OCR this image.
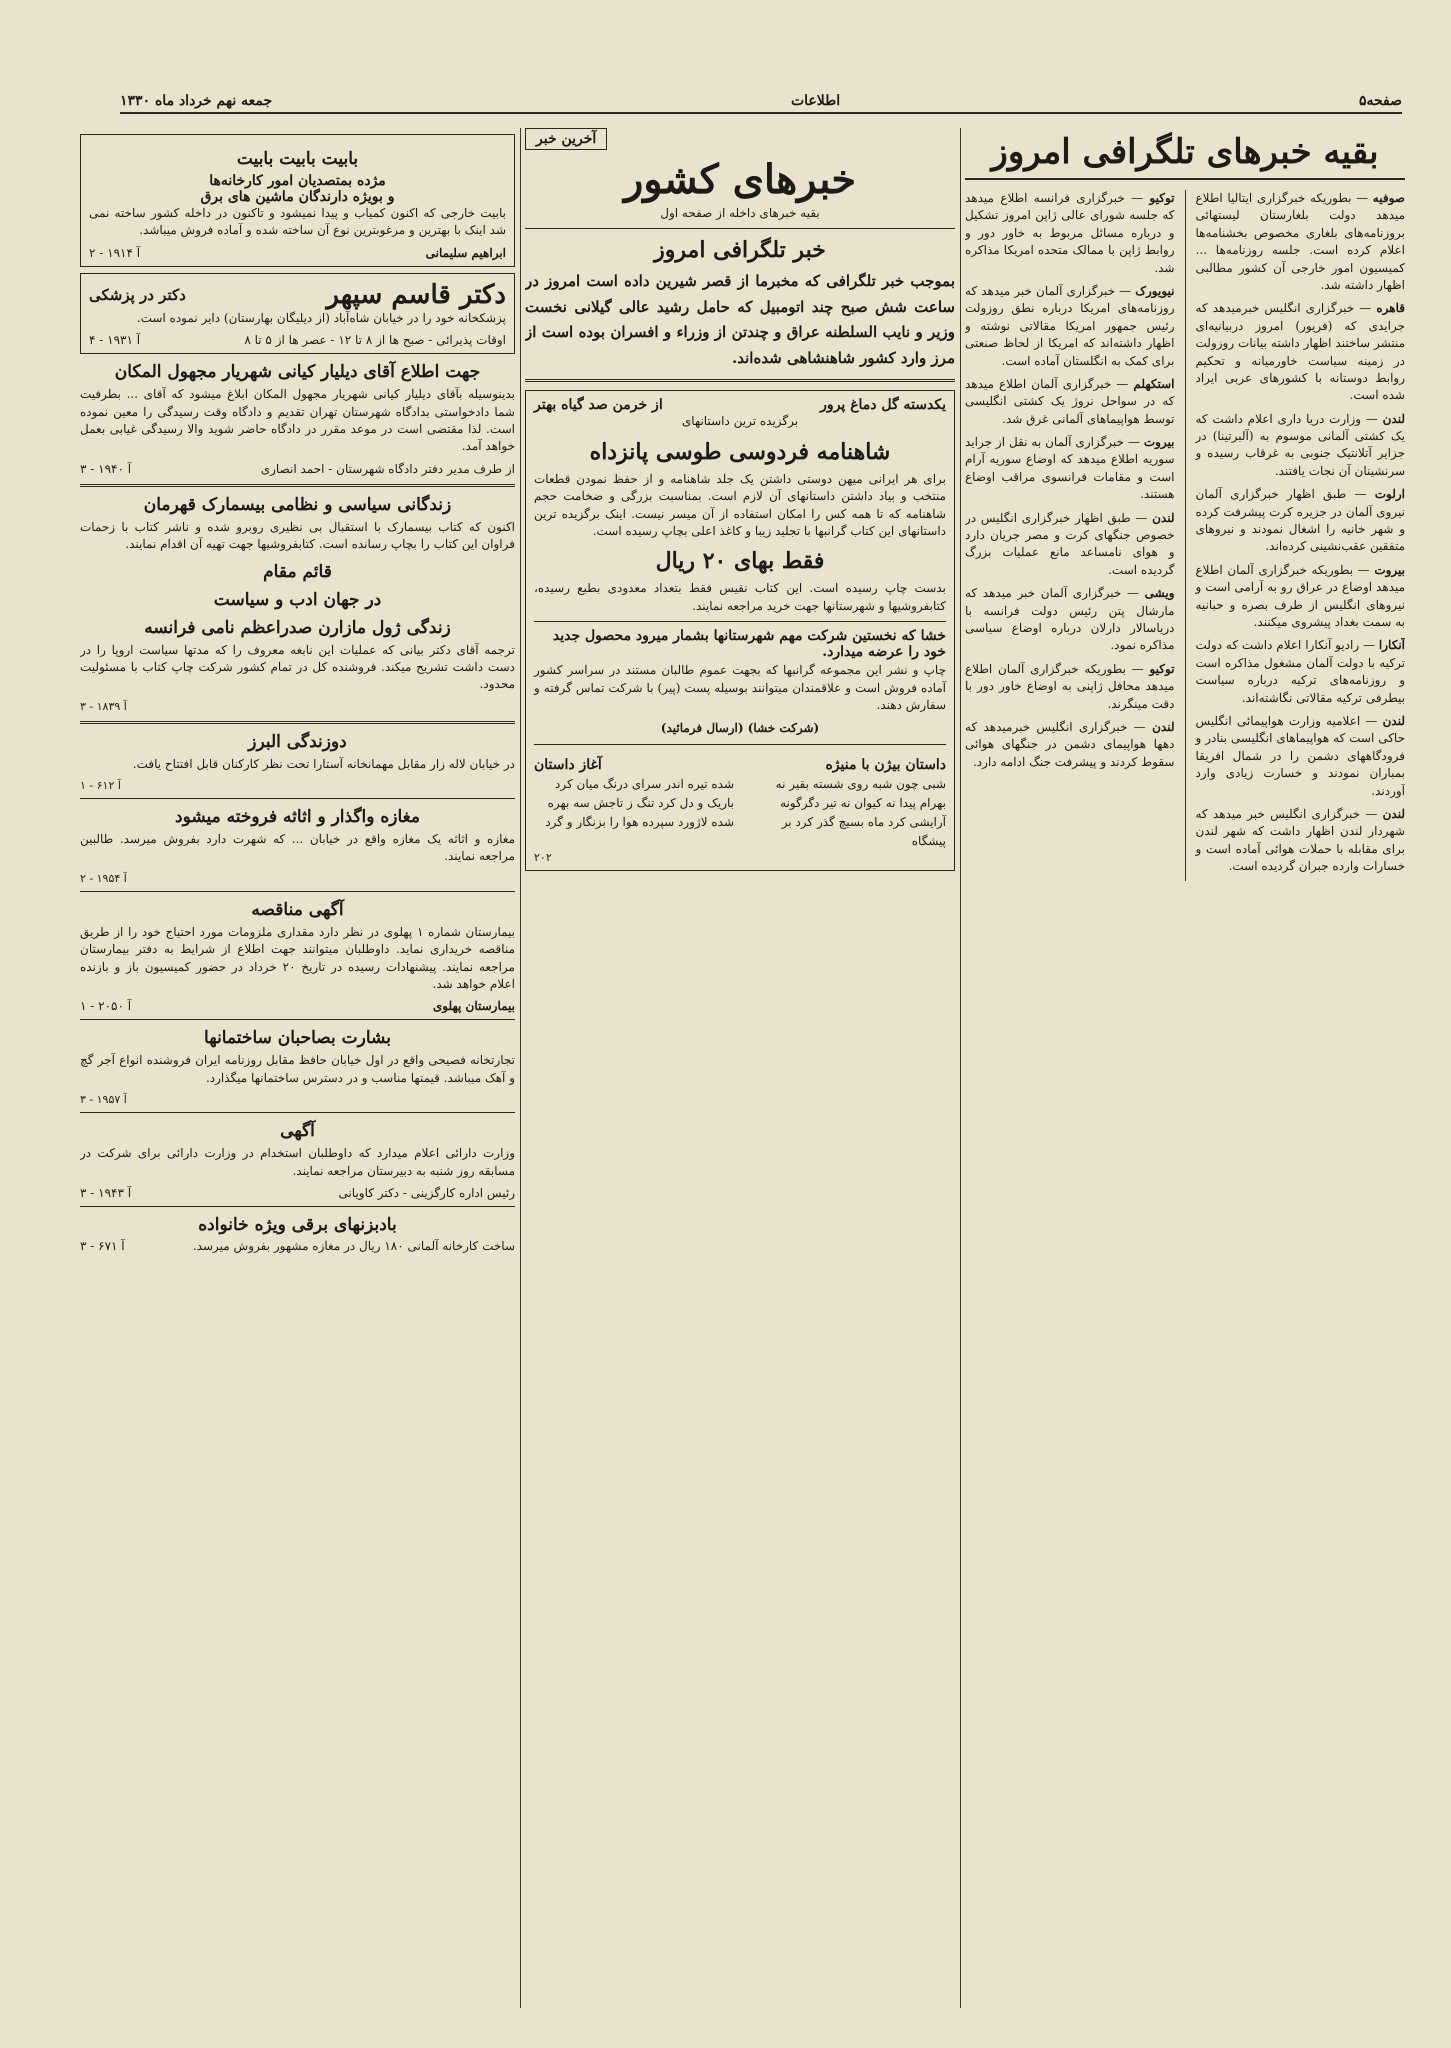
صفحه۵
اطلاعات
جمعه نهم خرداد ماه ۱۳۳۰
بقیه خبرهای تلگرافی امروز

صوفیه — بطوریکه خبرگزاری ایتالیا اطلاع میدهد دولت بلغارستان لیستهائی بروزنامه‌های بلغاری مخصوص بخشنامه‌ها اعلام کرده است. جلسه روزنامه‌ها ... کمیسیون امور خارجی آن کشور مطالبی اظهار داشته شد.

قاهره — خبرگزاری انگلیس خبرمیدهد که جرایدی که (فریور) امروز دربیانیه‌ای منتشر ساختند اظهار داشته بیانات روزولت در زمینه سیاست خاورمیانه و تحکیم روابط دوستانه با کشورهای عربی ایراد شده است.

لندن — وزارت دریا داری اعلام داشت که یک کشتی آلمانی موسوم به (آلبرتینا) در جزایر آتلانتیک جنوبی به غرقاب رسیده و سرنشینان آن نجات یافتند.

ارلوت — طبق اظهار خبرگزاری آلمان نیروی آلمان در جزیره کرت پیشرفت کرده و شهر خانیه را اشغال نمودند و نیروهای متفقین عقب‌نشینی کرده‌اند.

بیروت — بطوریکه خبرگزاری آلمان اطلاع میدهد اوضاع در عراق رو به آرامی است و نیروهای انگلیس از طرف بصره و حبانیه به سمت بغداد پیشروی میکنند.

آنکارا — رادیو آنکارا اعلام داشت که دولت ترکیه با دولت آلمان مشغول مذاکره است و روزنامه‌های ترکیه درباره سیاست بیطرفی ترکیه مقالاتی نگاشته‌اند.

لندن — اعلامیه وزارت هواپیمائی انگلیس حاکی است که هواپیماهای انگلیسی بنادر و فرودگاههای دشمن را در شمال افریقا بمباران نمودند و خسارت زیادی وارد آوردند.

لندن — خبرگزاری انگلیس خبر میدهد که شهردار لندن اظهار داشت که شهر لندن برای مقابله با حملات هوائی آماده است و خسارات وارده جبران گردیده است.

توکیو — خبرگزاری فرانسه اطلاع میدهد که جلسه شورای عالی ژاپن امروز تشکیل و درباره مسائل مربوط به خاور دور و روابط ژاپن با ممالک متحده امریکا مذاکره شد.

نیویورک — خبرگزاری آلمان خبر میدهد که روزنامه‌های امریکا درباره نطق روزولت رئیس جمهور امریکا مقالاتی نوشته و اظهار داشته‌اند که امریکا از لحاظ صنعتی برای کمک به انگلستان آماده است.

استکهلم — خبرگزاری آلمان اطلاع میدهد که در سواحل نروژ یک کشتی انگلیسی توسط هواپیماهای آلمانی غرق شد.

بیروت — خبرگزاری آلمان به نقل از جراید سوریه اطلاع میدهد که اوضاع سوریه آرام است و مقامات فرانسوی مراقب اوضاع هستند.

لندن — طبق اظهار خبرگزاری انگلیس در خصوص جنگهای کرت و مصر جریان دارد و هوای نامساعد مانع عملیات بزرگ گردیده است.

ویشی — خبرگزاری آلمان خبر میدهد که مارشال پتن رئیس دولت فرانسه با دریاسالار دارلان درباره اوضاع سیاسی مذاکره نمود.

توکیو — بطوریکه خبرگزاری آلمان اطلاع میدهد محافل ژاپنی به اوضاع خاور دور با دقت مینگرند.

لندن — خبرگزاری انگلیس خبرمیدهد که دهها هواپیمای دشمن در جنگهای هوائی سقوط کردند و پیشرفت جنگ ادامه دارد.

آخرین خبر
خبرهای کشور
بقیه خبرهای داخله از صفحه اول
خبر تلگرافی امروز

بموجب خبر تلگرافی که مخبرما از قصر شیرین داده است امروز در ساعت شش صبح چند اتومبیل که حامل رشید عالی گیلانی نخست وزیر و نایب السلطنه عراق و چندتن از وزراء و افسران بوده است از مرز وارد کشور شاهنشاهی شده‌اند.

یکدسته گل دماغ پرور
از خرمن صد گیاه بهتر
برگزیده ترین داستانهای
شاهنامه فردوسی طوسی پانزداه

برای هر ایرانی میهن دوستی داشتن یک جلد شاهنامه و از حفظ نمودن قطعات منتخب و بیاد داشتن داستانهای آن لازم است. بمناسبت بزرگی و ضخامت حجم شاهنامه که تا همه کس را امکان استفاده از آن میسر نیست. اینک برگزیده ترین داستانهای این کتاب گرانبها با تجلید زیبا و کاغذ اعلی بچاپ رسیده است.

فقط بهای ۲۰ ریال

بدست چاپ رسیده است. این کتاب نفیس فقط بتعداد معدودی بطبع رسیده، کتابفروشیها و شهرستانها جهت خرید مراجعه نمایند.

خشا که نخستین شرکت مهم شهرستانها بشمار میرود محصول جدید خود را عرضه میدارد.

چاپ و نشر این مجموعه گرانبها که بجهت عموم طالبان مستند در سراسر کشور آماده فروش است و علاقمندان میتوانند بوسیله پست (پیر) با شرکت تماس گرفته و سفارش دهند.

(شرکت خشا) (ارسال فرمائید)
داستان بیژن با منیژه
آغاز داستان
شبی چون شبه روی شسته بقیر نه بهرام پیدا نه کیوان نه تیر دگرگونه آرایشی کرد ماه بسیچ گذر کرد بر پیشگاه
شده تیره اندر سرای درنگ میان کرد باریک و دل کرد تنگ ز تاجش سه بهره شده لاژورد سپرده هوا را بزنگار و گرد
۲۰۲
بابیت بابیت بابیت
مژده بمتصدیان امور کارخانه‌ها
و بویژه دارندگان ماشین های برق

بابیت خارجی که اکنون کمیاب و پیدا نمیشود و تاکنون در داخله کشور ساخته نمی شد اینک با بهترین و مرغوبترین نوع آن ساخته شده و آماده فروش میباشد.

ابراهیم سلیمانی
آ ۱۹۱۴ - ۲
دکتر قاسم سپهر
دکتر در پزشکی

پزشکخانه خود را در خیابان شاه‌آباد (از دیلیگان بهارستان) دایر نموده است.

اوقات پذیرائی - صبح ها از ۸ تا ۱۲ - عصر ها از ۵ تا ۸
آ ۱۹۳۱ - ۴
جهت اطلاع آقای دیلیار کیانی شهریار مجهول المکان

بدینوسیله بآقای دیلیار کیانی شهریار مجهول المکان ابلاغ میشود که آقای ... بطرفیت شما دادخواستی بدادگاه شهرستان تهران تقدیم و دادگاه وقت رسیدگی را معین نموده است. لذا مقتضی است در موعد مقرر در دادگاه حاضر شوید والا رسیدگی غیابی بعمل خواهد آمد.

از طرف مدیر دفتر دادگاه شهرستان - احمد انصاری
آ ۱۹۴۰ - ۳
زندگانی سیاسی و نظامی بیسمارک قهرمان

اکنون که کتاب بیسمارک با استقبال بی نظیری روبرو شده و ناشر کتاب با زحمات فراوان این کتاب را بچاپ رسانده است. کتابفروشیها جهت تهیه آن اقدام نمایند.

قائم مقام
در جهان ادب و سیاست
زندگی ژول مازارن صدراعظم نامی فرانسه

ترجمه آقای دکتر بیانی که عملیات این نابغه معروف را که مدتها سیاست اروپا را در دست داشت تشریح میکند. فروشنده کل در تمام کشور شرکت چاپ کتاب با مسئولیت محدود.

آ ۱۸۳۹ - ۳
دوزندگی البرز

در خیابان لاله زار مقابل مهمانخانه آستارا تحت نظر کارکنان قابل افتتاح یافت.

آ ۶۱۲ - ۱
مغازه واگذار و اثاثه فروخته میشود

مغازه و اثاثه یک مغازه واقع در خیابان ... که شهرت دارد بفروش میرسد. طالبین مراجعه نمایند.

آ ۱۹۵۴ - ۲
آگهی مناقصه

بیمارستان شماره ۱ پهلوی در نظر دارد مقداری ملزومات مورد احتیاج خود را از طریق مناقصه خریداری نماید. داوطلبان میتوانند جهت اطلاع از شرایط به دفتر بیمارستان مراجعه نمایند. پیشنهادات رسیده در تاریخ ۲۰ خرداد در حضور کمیسیون باز و بازنده اعلام خواهد شد.

بیمارستان پهلوی
آ ۲۰۵۰ - ۱
بشارت بصاحبان ساختمانها

تجارتخانه فصیحی واقع در اول خیابان حافظ مقابل روزنامه ایران فروشنده انواع آجر گچ و آهک میباشد. قیمتها مناسب و در دسترس ساختمانها میگذارد.

آ ۱۹۵۷ - ۳
آگهی

وزارت دارائی اعلام میدارد که داوطلبان استخدام در وزارت دارائی برای شرکت در مسابقه روز شنبه به دبیرستان مراجعه نمایند.

رئیس اداره کارگزینی - دکتر کاویانی
آ ۱۹۴۳ - ۳
بادبزنهای برقی ویژه خانواده
ساخت کارخانه آلمانی ۱۸۰ ریال در مغازه مشهور بفروش میرسد.
آ ۶۷۱ - ۳
